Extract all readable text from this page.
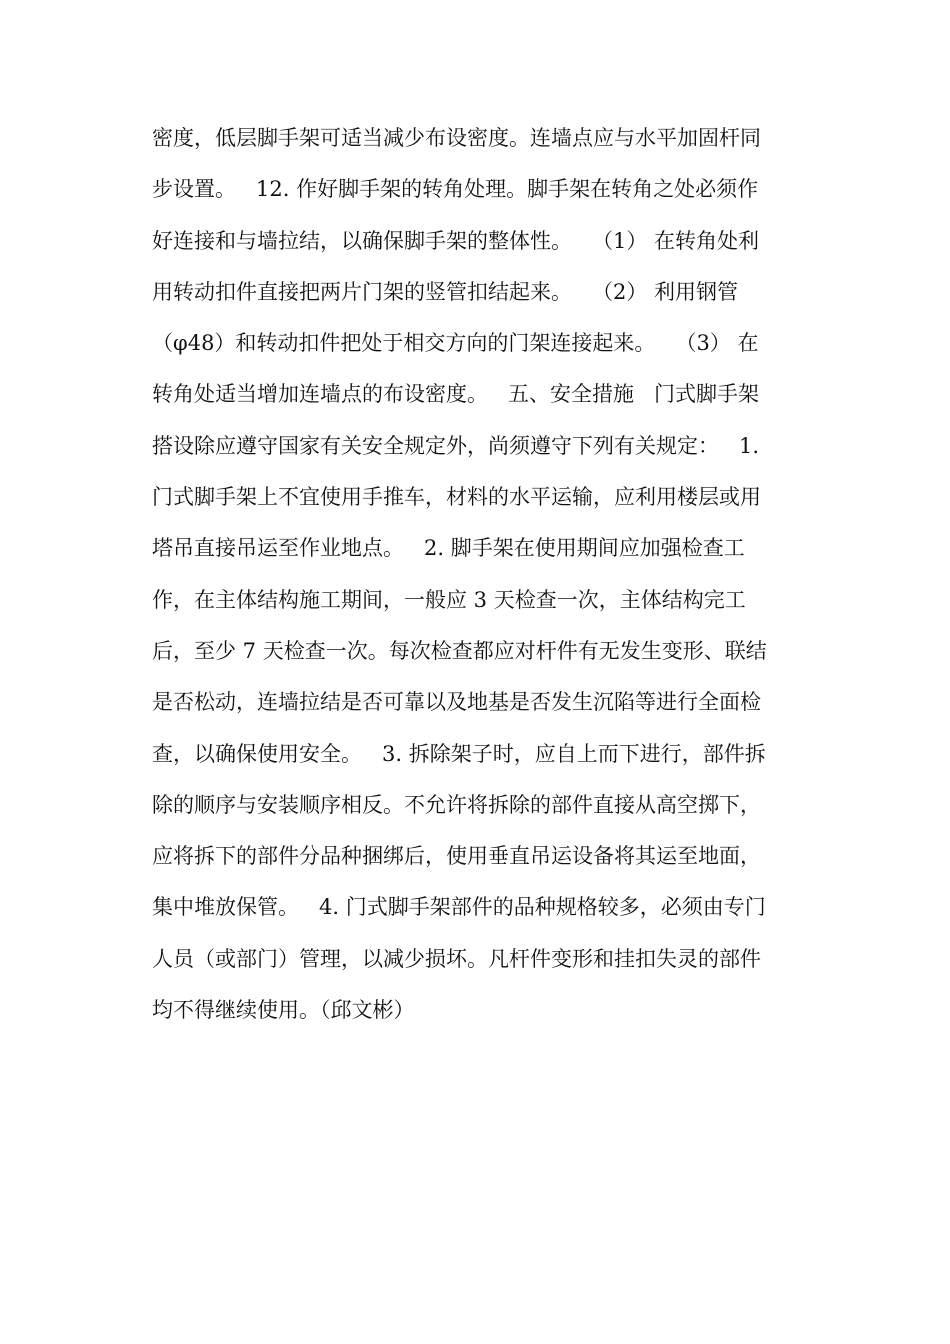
密度，低层脚手架可适当减少布设密度。连墙点应与水平加固杆同
步设置。   12. 作好脚手架的转角处理。脚手架在转角之处必须作
好连接和与墙拉结，以确保脚手架的整体性。   （1） 在转角处利
用转动扣件直接把两片门架的竖管扣结起来。   （2） 利用钢管
（φ48）和转动扣件把处于相交方向的门架连接起来。   （3） 在
转角处适当增加连墙点的布设密度。   五、安全措施   门式脚手架
搭设除应遵守国家有关安全规定外，尚须遵守下列有关规定：   1.
门式脚手架上不宜使用手推车，材料的水平运输，应利用楼层或用
塔吊直接吊运至作业地点。   2. 脚手架在使用期间应加强检查工
作，在主体结构施工期间，一般应 3 天检查一次，主体结构完工
后，至少 7 天检查一次。每次检查都应对杆件有无发生变形、联结
是否松动，连墙拉结是否可靠以及地基是否发生沉陷等进行全面检
查，以确保使用安全。   3. 拆除架子时，应自上而下进行，部件拆
除的顺序与安装顺序相反。不允许将拆除的部件直接从高空掷下，
应将拆下的部件分品种捆绑后，使用垂直吊运设备将其运至地面，
集中堆放保管。   4. 门式脚手架部件的品种规格较多，必须由专门
人员（或部门）管理，以减少损坏。凡杆件变形和挂扣失灵的部件
均不得继续使用。（邱文彬）
